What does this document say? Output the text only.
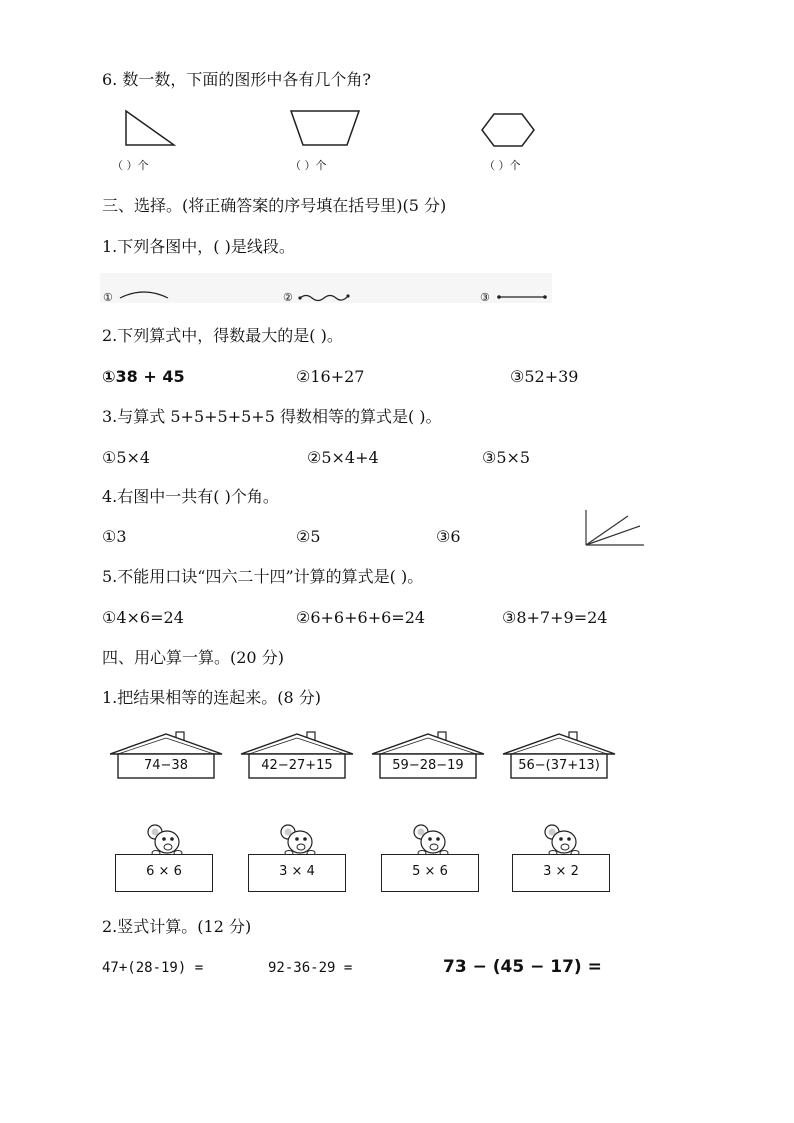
6. 数一数，下面的图形中各有几个角?
（ ）个	（ ）个	（ ）个
三、选择。(将正确答案的序号填在括号里)(5 分)
1.下列各图中，( )是线段。
①	②	③
2.下列算式中，得数最大的是( )。
①38 + 45	②16+27	③52+39
3.与算式 5+5+5+5+5 得数相等的算式是( )。
①5×4	②5×4+4	③5×5
4.右图中一共有( )个角。
①3	②5	③6
5.不能用口诀“四六二十四”计算的算式是( )。
①4×6=24	②6+6+6+6=24	③8+7+9=24
四、用心算一算。(20 分)
1.把结果相等的连起来。(8 分)
74−38	42−27+15	59−28−19	56−(37+13)
6 × 6	3 × 4	5 × 6	3 × 2
2.竖式计算。(12 分)
47+(28-19) =	92-36-29 =	73 − (45 − 17) =
